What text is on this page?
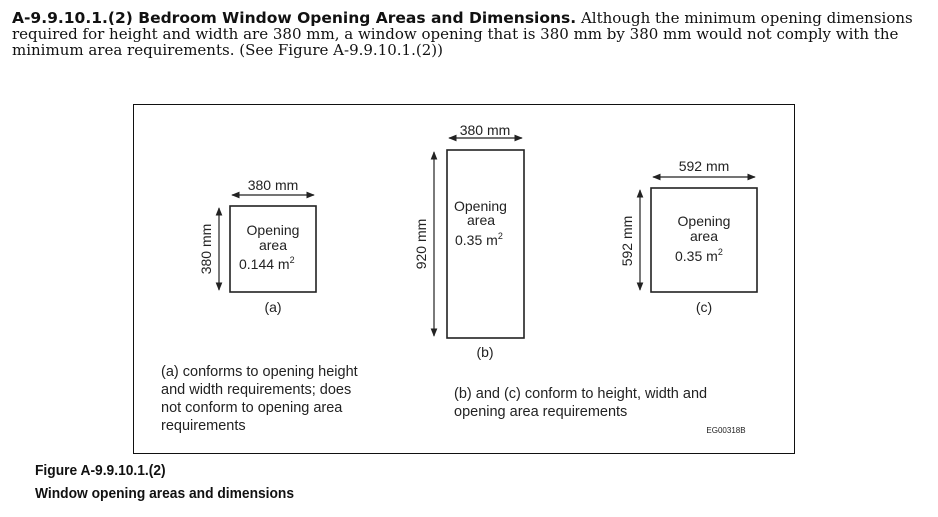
A-9.9.10.1.(2) Bedroom Window Opening Areas and Dimensions. Although the minimum opening dimensions required for height and width are 380 mm, a window opening that is 380 mm by 380 mm would not comply with the minimum area requirements. (See Figure A-9.9.10.1.(2))
380 mm
380 mm Opening
area
0.144 $m^2$
(a)
380 mm
920 mm
Opening
area
0.35 $m^2$
(b)
592 mm
592 mm	Opening
area
0.35 $m^2$
(c)
EG00318B
(a) conforms to opening height
and width requirements; does
not conform to opening area
requirements
(b) and (c) conform to height, width and
opening area requirements
Figure A-9.9.10.1.(2)
Window opening areas and dimensions
